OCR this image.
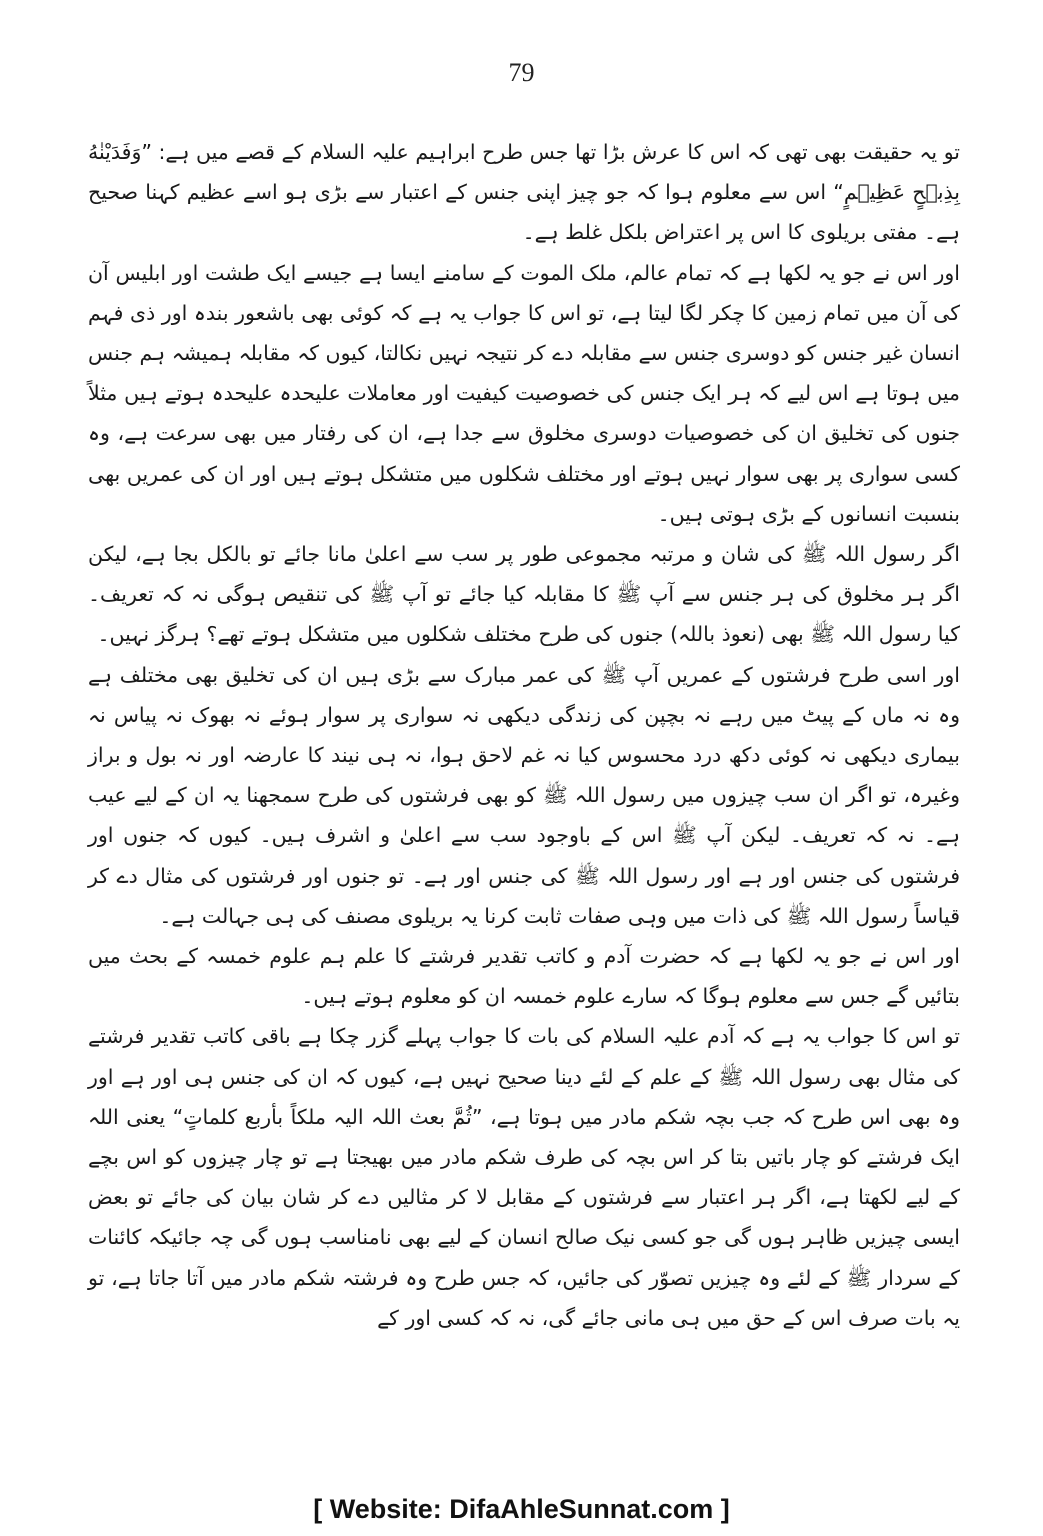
79

تو یہ حقیقت بھی تھی کہ اس کا عرش بڑا تھا جس طرح ابراہیم علیہ السلام کے قصے میں ہے: ”وَفَدَيْنٰهُ بِذِبۡحٍ عَظِيۡمٍ“ اس سے معلوم ہوا کہ جو چیز اپنی جنس کے اعتبار سے بڑی ہو اسے عظیم کہنا صحیح ہے۔ مفتی بریلوی کا اس پر اعتراض بلکل غلط ہے۔

اور اس نے جو یہ لکھا ہے کہ تمام عالم، ملک الموت کے سامنے ایسا ہے جیسے ایک طشت اور ابلیس آن کی آن میں تمام زمین کا چکر لگا لیتا ہے، تو اس کا جواب یہ ہے کہ کوئی بھی باشعور بندہ اور ذی فہم انسان غیر جنس کو دوسری جنس سے مقابلہ دے کر نتیجہ نہیں نکالتا، کیوں کہ مقابلہ ہمیشہ ہم جنس میں ہوتا ہے اس لیے کہ ہر ایک جنس کی خصوصیت کیفیت اور معاملات علیحدہ علیحدہ ہوتے ہیں مثلاً جنوں کی تخلیق ان کی خصوصیات دوسری مخلوق سے جدا ہے، ان کی رفتار میں بھی سرعت ہے، وہ کسی سواری پر بھی سوار نہیں ہوتے اور مختلف شکلوں میں متشکل ہوتے ہیں اور ان کی عمریں بھی بنسبت انسانوں کے بڑی ہوتی ہیں۔

اگر رسول اللہ ﷺ کی شان و مرتبہ مجموعی طور پر سب سے اعلیٰ مانا جائے تو بالکل بجا ہے، لیکن اگر ہر مخلوق کی ہر جنس سے آپ ﷺ کا مقابلہ کیا جائے تو آپ ﷺ کی تنقیص ہوگی نہ کہ تعریف۔ کیا رسول اللہ ﷺ بھی (نعوذ باللہ) جنوں کی طرح مختلف شکلوں میں متشکل ہوتے تھے؟ ہرگز نہیں۔

اور اسی طرح فرشتوں کے عمریں آپ ﷺ کی عمر مبارک سے بڑی ہیں ان کی تخلیق بھی مختلف ہے وہ نہ ماں کے پیٹ میں رہے نہ بچپن کی زندگی دیکھی نہ سواری پر سوار ہوئے نہ بھوک نہ پیاس نہ بیماری دیکھی نہ کوئی دکھ درد محسوس کیا نہ غم لاحق ہوا، نہ ہی نیند کا عارضہ اور نہ بول و براز وغیرہ، تو اگر ان سب چیزوں میں رسول اللہ ﷺ کو بھی فرشتوں کی طرح سمجھنا یہ ان کے لیے عیب ہے۔ نہ کہ تعریف۔ لیکن آپ ﷺ اس کے باوجود سب سے اعلیٰ و اشرف ہیں۔ کیوں کہ جنوں اور فرشتوں کی جنس اور ہے اور رسول اللہ ﷺ کی جنس اور ہے۔ تو جنوں اور فرشتوں کی مثال دے کر قیاساً رسول اللہ ﷺ کی ذات میں وہی صفات ثابت کرنا یہ بریلوی مصنف کی ہی جہالت ہے۔

اور اس نے جو یہ لکھا ہے کہ حضرت آدم و کاتب تقدیر فرشتے کا علم ہم علوم خمسہ کے بحث میں بتائیں گے جس سے معلوم ہوگا کہ سارے علوم خمسہ ان کو معلوم ہوتے ہیں۔

تو اس کا جواب یہ ہے کہ آدم علیہ السلام کی بات کا جواب پہلے گزر چکا ہے باقی کاتب تقدیر فرشتے کی مثال بھی رسول اللہ ﷺ کے علم کے لئے دینا صحیح نہیں ہے، کیوں کہ ان کی جنس ہی اور ہے اور وہ بھی اس طرح کہ جب بچہ شکم مادر میں ہوتا ہے، ”ثُمَّ بعث اللہ الیہ ملکاً بأربع کلماتٍ“ یعنی اللہ ایک فرشتے کو چار باتیں بتا کر اس بچہ کی طرف شکم مادر میں بھیجتا ہے تو چار چیزوں کو اس بچے کے لیے لکھتا ہے، اگر ہر اعتبار سے فرشتوں کے مقابل لا کر مثالیں دے کر شان بیان کی جائے تو بعض ایسی چیزیں ظاہر ہوں گی جو کسی نیک صالح انسان کے لیے بھی نامناسب ہوں گی چہ جائیکہ کائنات کے سردار ﷺ کے لئے وہ چیزیں تصوّر کی جائیں، کہ جس طرح وہ فرشتہ شکم مادر میں آتا جاتا ہے، تو یہ بات صرف اس کے حق میں ہی مانی جائے گی، نہ کہ کسی اور کے

[ Website: DifaAhleSunnat.com ]
